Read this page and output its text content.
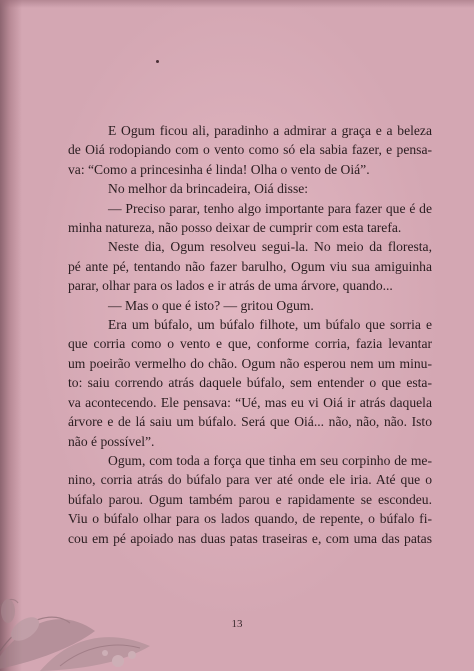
E Ogum ficou ali, paradinho a admirar a graça e a beleza
de Oiá rodopiando com o vento como só ela sabia fazer, e pensa-
va: “Como a princesinha é linda! Olha o vento de Oiá”.
No melhor da brincadeira, Oiá disse:
— Preciso parar, tenho algo importante para fazer que é de
minha natureza, não posso deixar de cumprir com esta tarefa.
Neste dia, Ogum resolveu segui-la. No meio da floresta,
pé ante pé, tentando não fazer barulho, Ogum viu sua amiguinha
parar, olhar para os lados e ir atrás de uma árvore, quando...
— Mas o que é isto? — gritou Ogum.
Era um búfalo, um búfalo filhote, um búfalo que sorria e
que corria como o vento e que, conforme corria, fazia levantar
um poeirão vermelho do chão. Ogum não esperou nem um minu-
to: saiu correndo atrás daquele búfalo, sem entender o que esta-
va acontecendo. Ele pensava: “Ué, mas eu vi Oiá ir atrás daquela
árvore e de lá saiu um búfalo. Será que Oiá... não, não, não. Isto
não é possível”.
Ogum, com toda a força que tinha em seu corpinho de me-
nino, corria atrás do búfalo para ver até onde ele iria. Até que o
búfalo parou. Ogum também parou e rapidamente se escondeu.
Viu o búfalo olhar para os lados quando, de repente, o búfalo fi-
cou em pé apoiado nas duas patas traseiras e, com uma das patas
13
